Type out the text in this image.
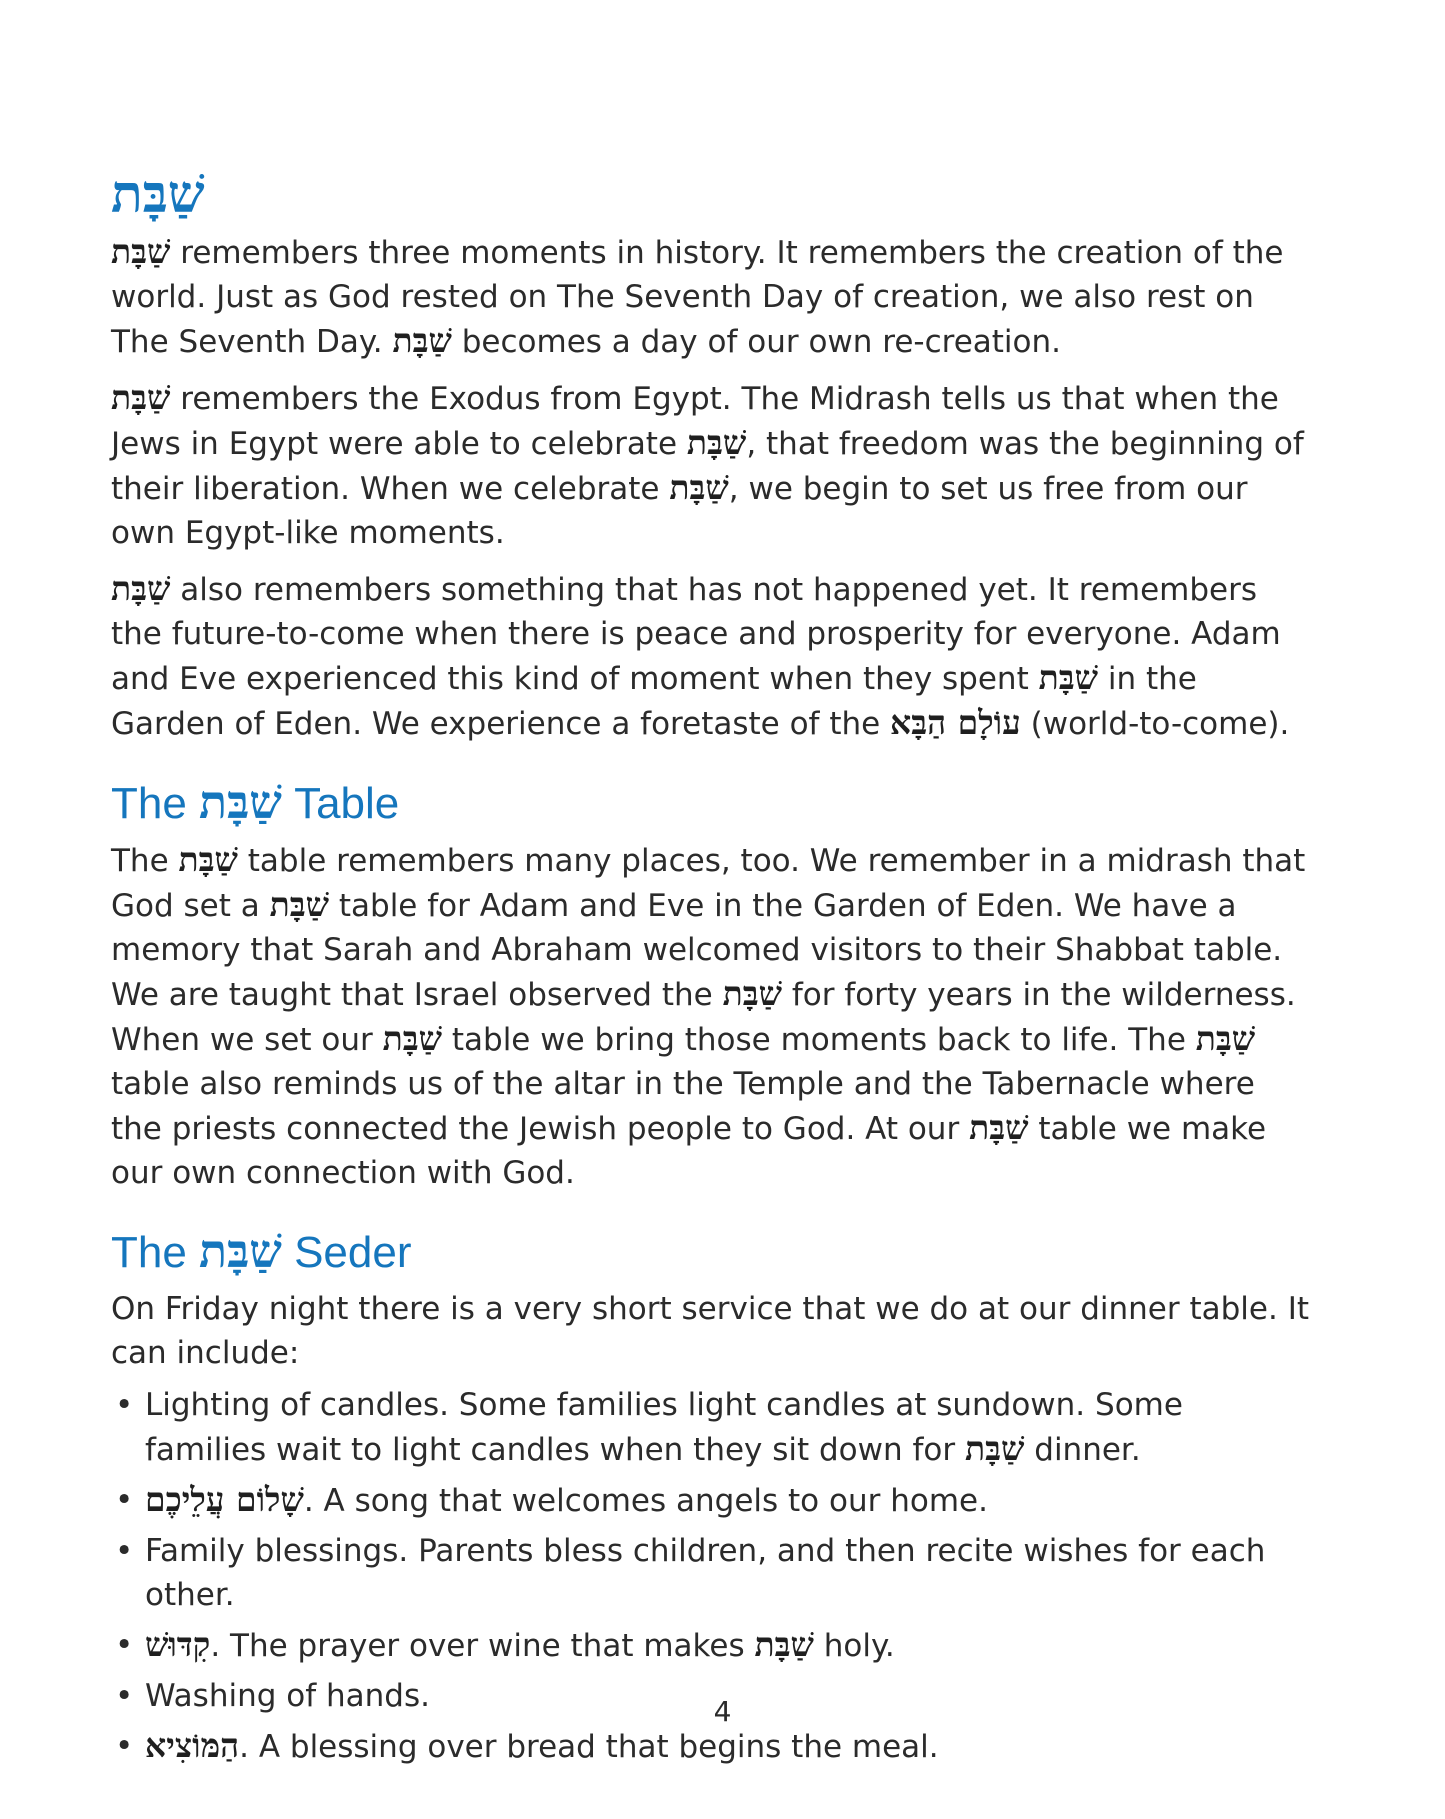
שַׁבָּת

שַׁבָּת remembers three moments in history. It remembers the creation of the world. Just as God rested on The Seventh Day of creation, we also rest on The Seventh Day. שַׁבָּת becomes a day of our own re-creation.

שַׁבָּת remembers the Exodus from Egypt. The Midrash tells us that when the Jews in Egypt were able to celebrate שַׁבָּת, that freedom was the beginning of their liberation. When we celebrate שַׁבָּת, we begin to set us free from our own Egypt-like moments.

שַׁבָּת also remembers something that has not happened yet. It remembers the future-to-come when there is peace and prosperity for everyone. Adam and Eve experienced this kind of moment when they spent שַׁבָּת in the Garden of Eden. We experience a foretaste of the עוֹלָם הַבָּא (world-to-come).

The שַׁבָּת Table

The שַׁבָּת table remembers many places, too. We remember in a midrash that God set a שַׁבָּת table for Adam and Eve in the Garden of Eden. We have a memory that Sarah and Abraham welcomed visitors to their Shabbat table. We are taught that Israel observed the שַׁבָּת for forty years in the wilderness. When we set our שַׁבָּת table we bring those moments back to life. The שַׁבָּת table also reminds us of the altar in the Temple and the Tabernacle where the priests connected the Jewish people to God. At our שַׁבָּת table we make our own connection with God.

The שַׁבָּת Seder

On Friday night there is a very short service that we do at our dinner table. It can include:

• Lighting of candles. Some families light candles at sundown. Some families wait to light candles when they sit down for שַׁבָּת dinner.
• שָׁלוֹם עֲלֵיכֶם. A song that welcomes angels to our home.
• Family blessings. Parents bless children, and then recite wishes for each other.
• קִדּוּשׁ. The prayer over wine that makes שַׁבָּת holy.
• Washing of hands.
• הַמּוֹצִיא. A blessing over bread that begins the meal.
4
